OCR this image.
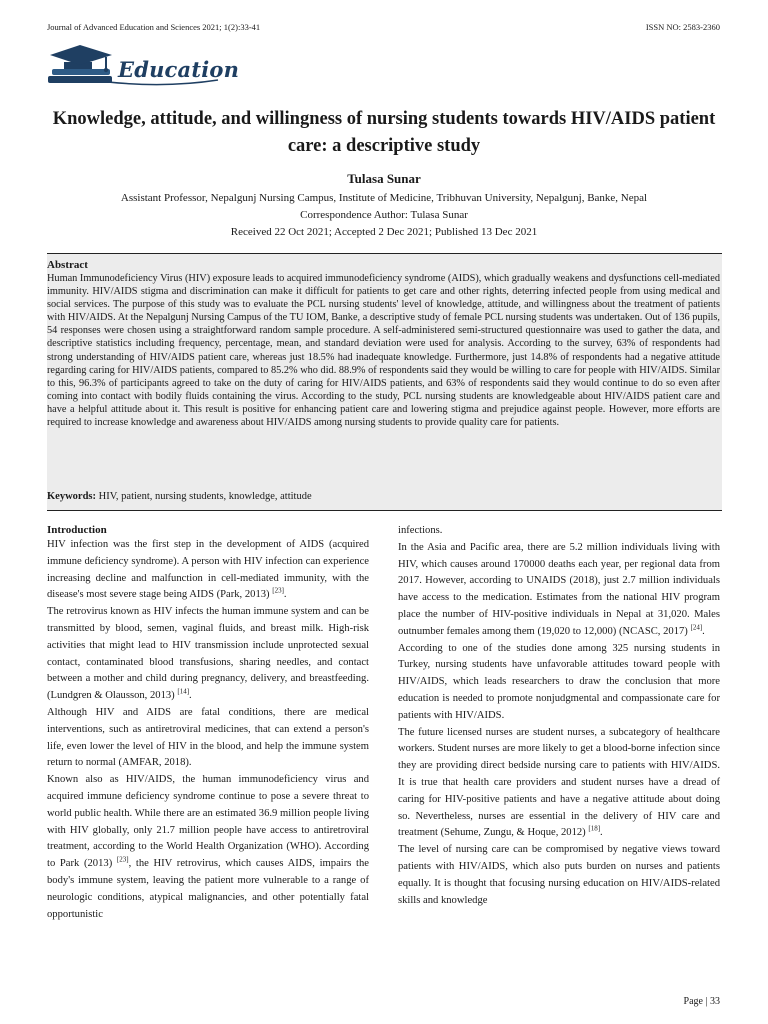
Journal of Advanced Education and Sciences 2021; 1(2):33-41	ISSN NO: 2583-2360
Education
Knowledge, attitude, and willingness of nursing students towards HIV/AIDS patient care: a descriptive study
Tulasa Sunar
Assistant Professor, Nepalgunj Nursing Campus, Institute of Medicine, Tribhuvan University, Nepalgunj, Banke, Nepal
Correspondence Author: Tulasa Sunar
Received 22 Oct 2021; Accepted 2 Dec 2021; Published 13 Dec 2021
Abstract
Human Immunodeficiency Virus (HIV) exposure leads to acquired immunodeficiency syndrome (AIDS), which gradually weakens and dysfunctions cell-mediated immunity. HIV/AIDS stigma and discrimination can make it difficult for patients to get care and other rights, deterring infected people from using medical and social services. The purpose of this study was to evaluate the PCL nursing students' level of knowledge, attitude, and willingness about the treatment of patients with HIV/AIDS. At the Nepalgunj Nursing Campus of the TU IOM, Banke, a descriptive study of female PCL nursing students was undertaken. Out of 136 pupils, 54 responses were chosen using a straightforward random sample procedure. A self-administered semi-structured questionnaire was used to gather the data, and descriptive statistics including frequency, percentage, mean, and standard deviation were used for analysis. According to the survey, 63% of respondents had strong understanding of HIV/AIDS patient care, whereas just 18.5% had inadequate knowledge. Furthermore, just 14.8% of respondents had a negative attitude regarding caring for HIV/AIDS patients, compared to 85.2% who did. 88.9% of respondents said they would be willing to care for people with HIV/AIDS. Similar to this, 96.3% of participants agreed to take on the duty of caring for HIV/AIDS patients, and 63% of respondents said they would continue to do so even after coming into contact with bodily fluids containing the virus. According to the study, PCL nursing students are knowledgeable about HIV/AIDS patient care and have a helpful attitude about it. This result is positive for enhancing patient care and lowering stigma and prejudice against people. However, more efforts are required to increase knowledge and awareness about HIV/AIDS among nursing students to provide quality care for patients.
Keywords: HIV, patient, nursing students, knowledge, attitude

Introduction

HIV infection was the first step in the development of AIDS (acquired immune deficiency syndrome). A person with HIV infection can experience increasing decline and malfunction in cell-mediated immunity, with the disease's most severe stage being AIDS (Park, 2013) [23].

The retrovirus known as HIV infects the human immune system and can be transmitted by blood, semen, vaginal fluids, and breast milk. High-risk activities that might lead to HIV transmission include unprotected sexual contact, contaminated blood transfusions, sharing needles, and contact between a mother and child during pregnancy, delivery, and breastfeeding. (Lundgren & Olausson, 2013) [14].

Although HIV and AIDS are fatal conditions, there are medical interventions, such as antiretroviral medicines, that can extend a person's life, even lower the level of HIV in the blood, and help the immune system return to normal (AMFAR, 2018).

Known also as HIV/AIDS, the human immunodeficiency virus and acquired immune deficiency syndrome continue to pose a severe threat to world public health. While there are an estimated 36.9 million people living with HIV globally, only 21.7 million people have access to antiretroviral treatment, according to the World Health Organization (WHO). According to Park (2013) [23], the HIV retrovirus, which causes AIDS, impairs the body's immune system, leaving the patient more vulnerable to a range of neurologic conditions, atypical malignancies, and other potentially fatal opportunistic

infections.

In the Asia and Pacific area, there are 5.2 million individuals living with HIV, which causes around 170000 deaths each year, per regional data from 2017. However, according to UNAIDS (2018), just 2.7 million individuals have access to the medication. Estimates from the national HIV program place the number of HIV-positive individuals in Nepal at 31,020. Males outnumber females among them (19,020 to 12,000) (NCASC, 2017) [24].

According to one of the studies done among 325 nursing students in Turkey, nursing students have unfavorable attitudes toward people with HIV/AIDS, which leads researchers to draw the conclusion that more education is needed to promote nonjudgmental and compassionate care for patients with HIV/AIDS.

The future licensed nurses are student nurses, a subcategory of healthcare workers. Student nurses are more likely to get a blood-borne infection since they are providing direct bedside nursing care to patients with HIV/AIDS. It is true that health care providers and student nurses have a dread of caring for HIV-positive patients and have a negative attitude about doing so. Nevertheless, nurses are essential in the delivery of HIV care and treatment (Sehume, Zungu, & Hoque, 2012) [18].

The level of nursing care can be compromised by negative views toward patients with HIV/AIDS, which also puts burden on nurses and patients equally. It is thought that focusing nursing education on HIV/AIDS-related skills and knowledge

Page | 33
